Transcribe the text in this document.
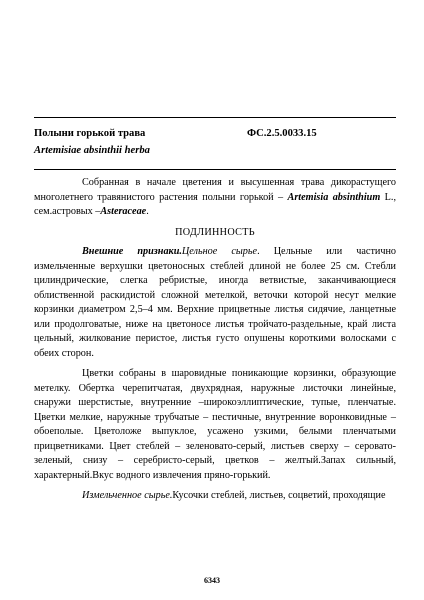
Полыни горькой трава	ФС.2.5.0033.15
Artemisiae absinthii herba

Собранная в начале цветения и высушенная трава дикорастущего многолетнего травянистого растения полыни горькой – Artemisia absinthium L., сем.астровых –Asteraceae.

ПОДЛИННОСТЬ

Внешние признаки.Цельное сырье. Цельные или частично измельченные верхушки цветоносных стеблей длиной не более 25 см. Стебли цилиндрические, слегка ребристые, иногда ветвистые, заканчивающиеся облиственной раскидистой сложной метелкой, веточки которой несут мелкие корзинки диаметром 2,5–4 мм. Верхние прицветные листья сидячие, ланцетные или продолговатые, ниже на цветоносе листья тройчато-раздельные, край листа цельный, жилкование перистое, листья густо опушены короткими волосками с обеих сторон.

Цветки собраны в шаровидные поникающие корзинки, образующие метелку. Обертка черепитчатая, двухрядная, наружные листочки линейные, снаружи шерстистые, внутренние –широкоэллиптические, тупые, пленчатые. Цветки мелкие, наружные трубчатые – пестичные, внутренние воронковидные – обоеполые. Цветоложе выпуклое, усажено узкими, белыми пленчатыми прицветниками. Цвет стеблей – зеленовато-серый, листьев сверху – серовато-зеленый, снизу – серебристо-серый, цветков – желтый.Запах сильный, характерный.Вкус водного извлечения пряно-горький.

Измельченное сырье.Кусочки стеблей, листьев, соцветий, проходящие

6343
